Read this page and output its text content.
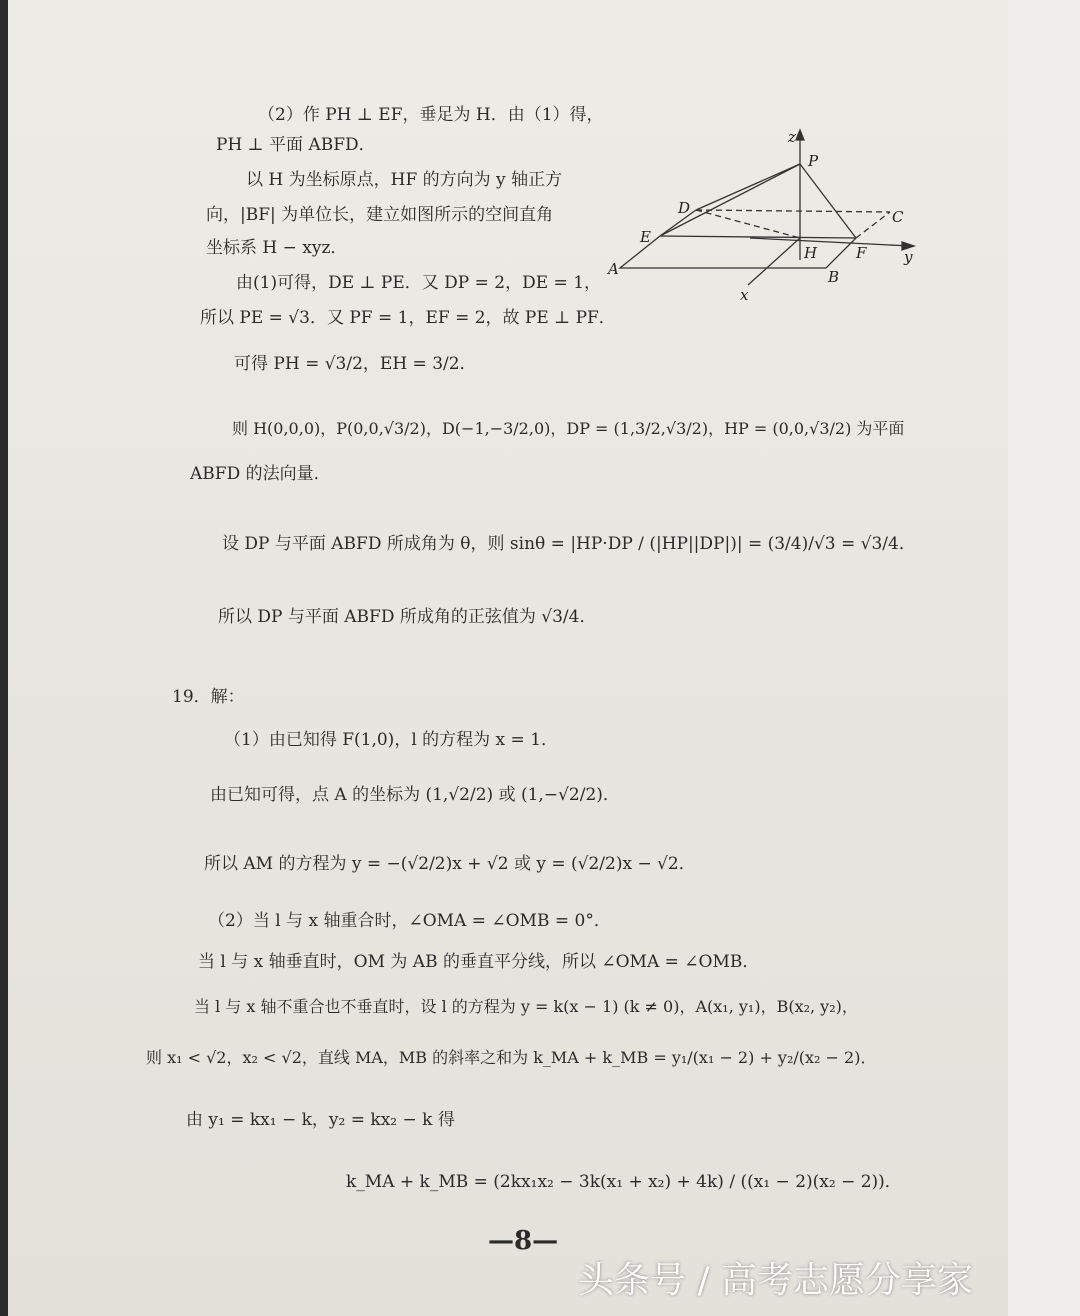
（2）作 PH ⊥ EF，垂足为 H．由（1）得，
PH ⊥ 平面 ABFD．
以 H 为坐标原点，HF 的方向为 y 轴正方
向，|BF| 为单位长，建立如图所示的空间直角
坐标系 H − xyz．
由(1)可得，DE ⊥ PE．又 DP = 2，DE = 1，
所以 PE = √3．又 PF = 1，EF = 2，故 PE ⊥ PF．
可得 PH = √3/2，EH = 3/2．
则 H(0,0,0)，P(0,0,√3/2)，D(−1,−3/2,0)，DP = (1,3/2,√3/2)，HP = (0,0,√3/2) 为平面
ABFD 的法向量．
设 DP 与平面 ABFD 所成角为 θ，则 sinθ = |HP·DP / (|HP||DP|)| = (3/4)/√3 = √3/4．
所以 DP 与平面 ABFD 所成角的正弦值为 √3/4．
19．解：
（1）由已知得 F(1,0)，l 的方程为 x = 1．
由已知可得，点 A 的坐标为 (1,√2/2) 或 (1,−√2/2)．
所以 AM 的方程为 y = −(√2/2)x + √2 或 y = (√2/2)x − √2．
（2）当 l 与 x 轴重合时，∠OMA = ∠OMB = 0°．
当 l 与 x 轴垂直时，OM 为 AB 的垂直平分线，所以 ∠OMA = ∠OMB．
当 l 与 x 轴不重合也不垂直时，设 l 的方程为 y = k(x − 1) (k ≠ 0)，A(x₁, y₁)，B(x₂, y₂)，
则 x₁ < √2，x₂ < √2，直线 MA，MB 的斜率之和为 k_MA + k_MB = y₁/(x₁ − 2) + y₂/(x₂ − 2)．
由 y₁ = kx₁ − k，y₂ = kx₂ − k 得
k_MA + k_MB = (2kx₁x₂ − 3k(x₁ + x₂) + 4k) / ((x₁ − 2)(x₂ − 2))．
z
P
D	C
E
H	F	y
A	B
x
—8—
头条号 / 高考志愿分享家
